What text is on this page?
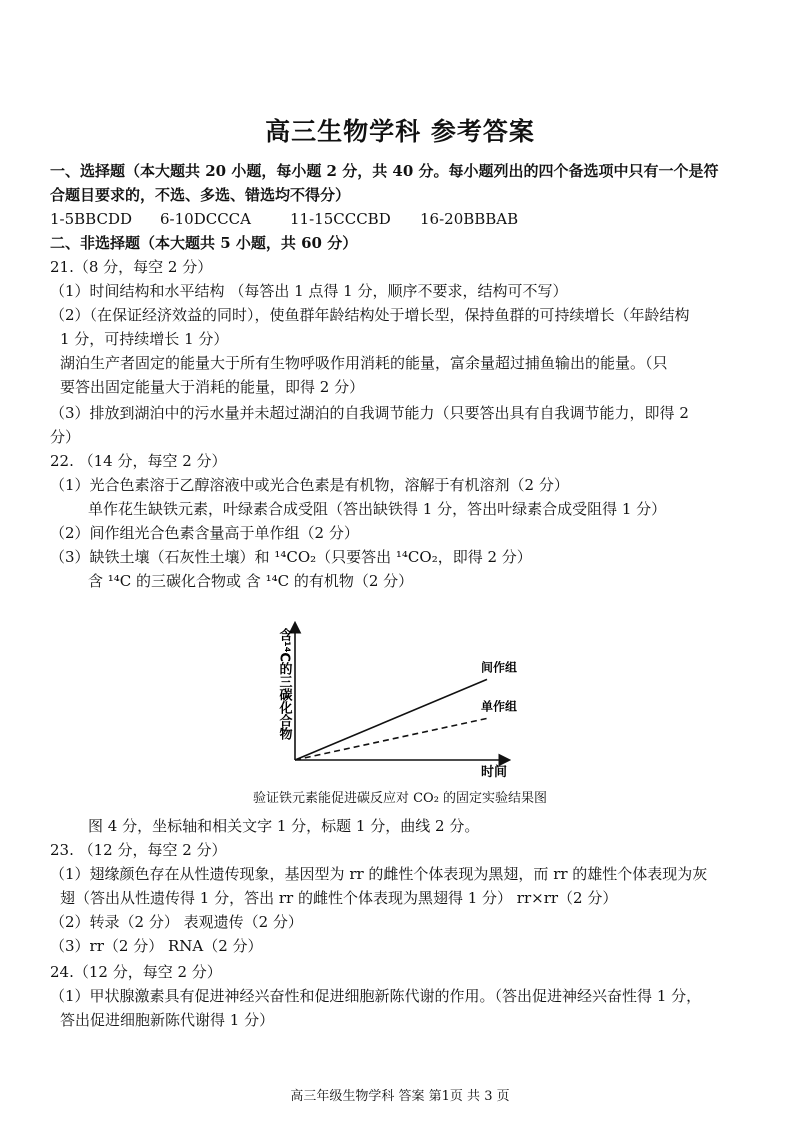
高三生物学科 参考答案
一、选择题（本大题共 20 小题，每小题 2 分，共 40 分。每小题列出的四个备选项中只有一个是符
合题目要求的，不选、多选、错选均不得分）
1-5BBCDD 6-10DCCCA	11-15CCCBD 16-20BBBAB
二、非选择题（本大题共 5 小题，共 60 分）
21.（8 分，每空 2 分）
（1）时间结构和水平结构 （每答出 1 点得 1 分，顺序不要求，结构可不写）
（2）（在保证经济效益的同时），使鱼群年龄结构处于增长型，保持鱼群的可持续增长（年龄结构
1 分，可持续增长 1 分）
湖泊生产者固定的能量大于所有生物呼吸作用消耗的能量，富余量超过捕鱼输出的能量。（只
要答出固定能量大于消耗的能量，即得 2 分）
（3）排放到湖泊中的污水量并未超过湖泊的自我调节能力（只要答出具有自我调节能力，即得 2
分）
22. （14 分，每空 2 分）
（1）光合色素溶于乙醇溶液中或光合色素是有机物，溶解于有机溶剂（2 分）
单作花生缺铁元素，叶绿素合成受阻（答出缺铁得 1 分，答出叶绿素合成受阻得 1 分）
（2）间作组光合色素含量高于单作组（2 分）
（3）缺铁土壤（石灰性土壤）和 ¹⁴CO₂（只要答出 ¹⁴CO₂，即得 2 分）
含 ¹⁴C 的三碳化合物或 含 ¹⁴C 的有机物（2 分）
含¹⁴C的三碳化合物
时间
间作组
单作组
验证铁元素能促进碳反应对 CO₂ 的固定实验结果图
图 4 分，坐标轴和相关文字 1 分，标题 1 分，曲线 2 分。
23. （12 分，每空 2 分）
（1）翅缘颜色存在从性遗传现象，基因型为 rr 的雌性个体表现为黑翅，而 rr 的雄性个体表现为灰
翅（答出从性遗传得 1 分，答出 rr 的雌性个体表现为黑翅得 1 分） rr×rr（2 分）
（2）转录（2 分） 表观遗传（2 分）
（3）rr（2 分） RNA（2 分）
24.（12 分，每空 2 分）
（1）甲状腺激素具有促进神经兴奋性和促进细胞新陈代谢的作用。（答出促进神经兴奋性得 1 分，
答出促进细胞新陈代谢得 1 分）
高三年级生物学科 答案 第1页 共 3 页
